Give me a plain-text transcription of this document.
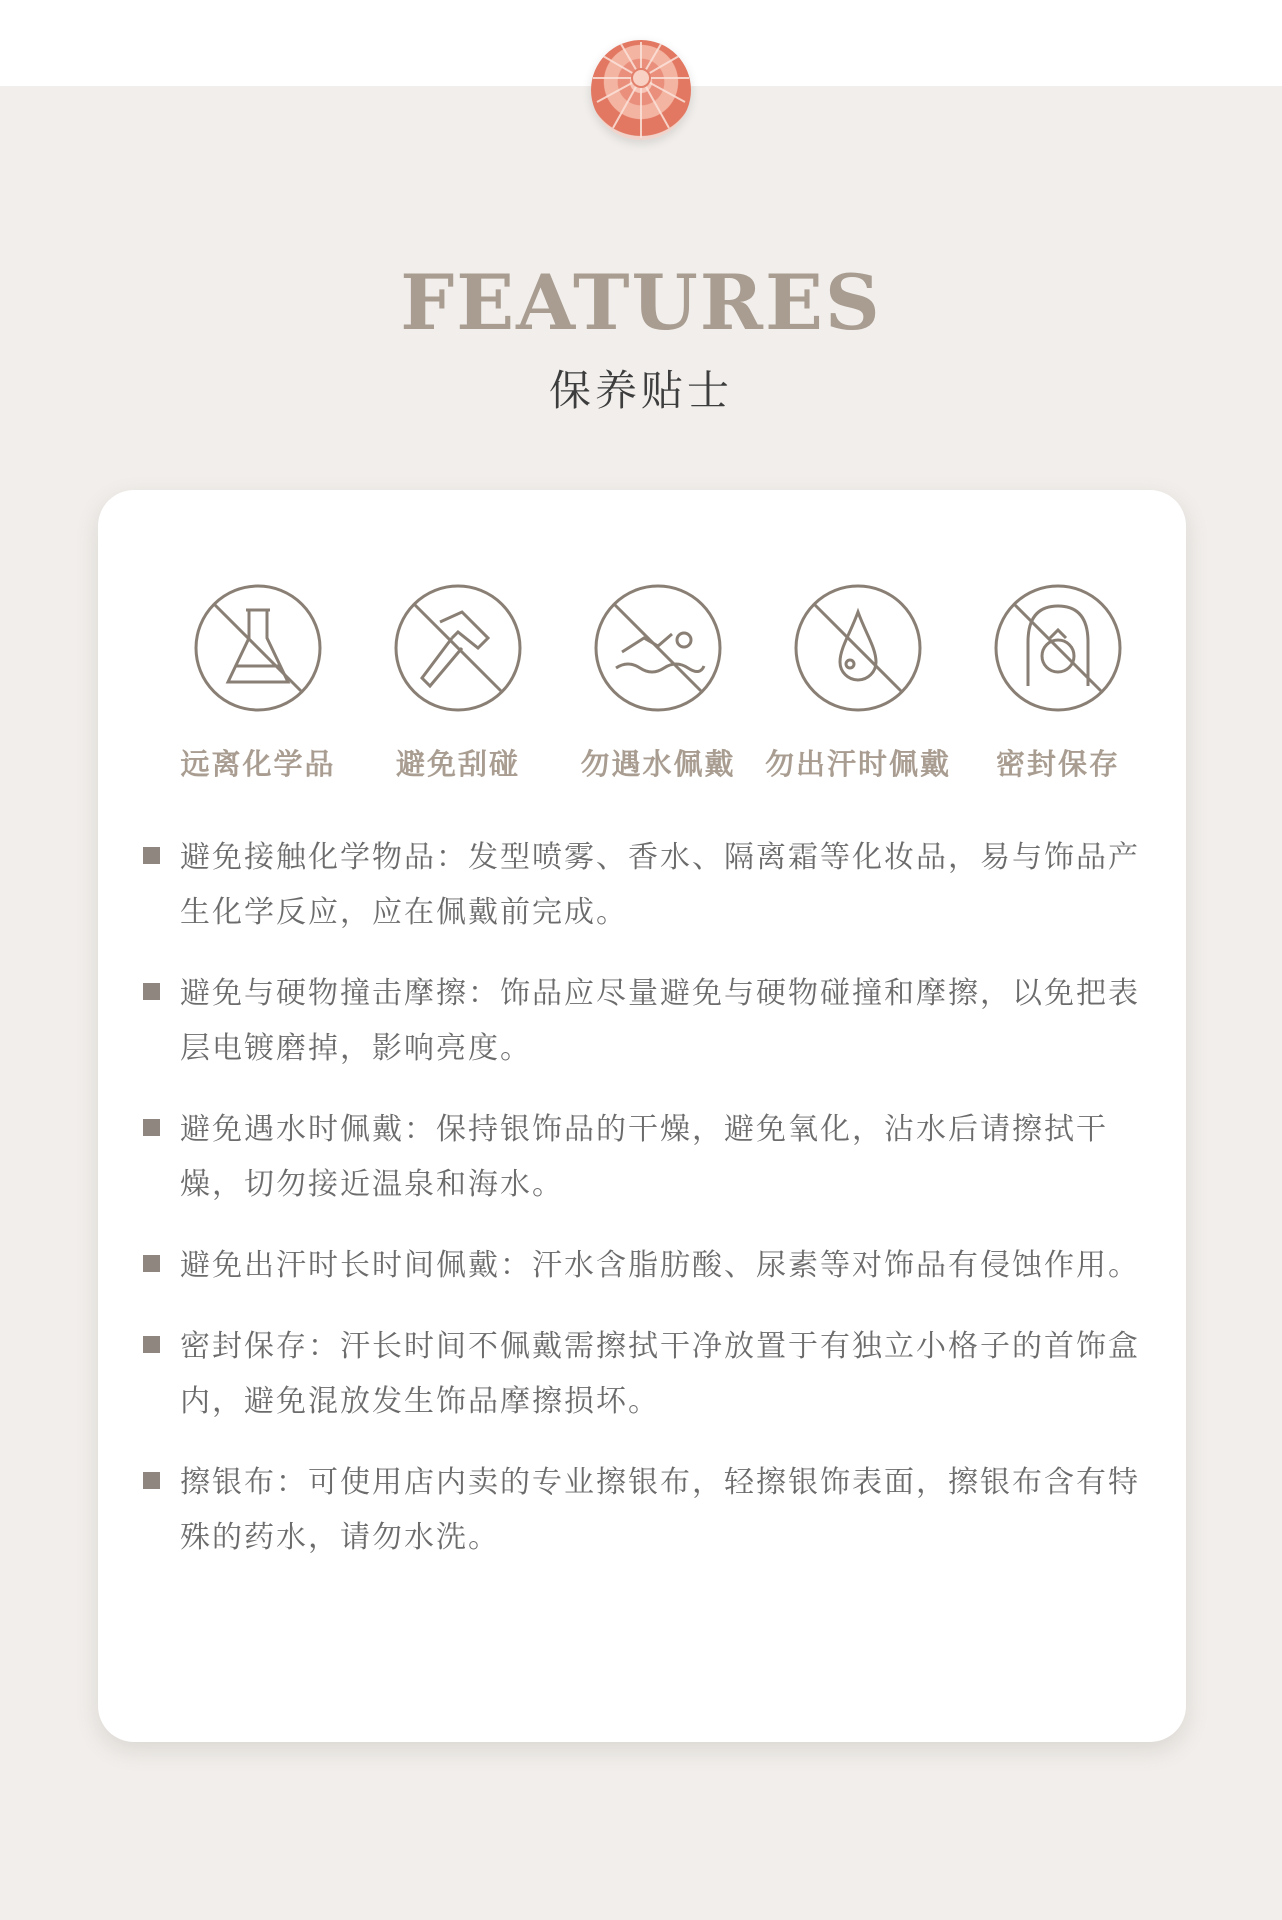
FEATURES
保养贴士
远离化学品	避免刮碰	勿遇水佩戴	勿出汗时佩戴	密封保存
避免接触化学物品：发型喷雾、香水、隔离霜等化妆品，易与饰品产生化学反应，应在佩戴前完成。
避免与硬物撞击摩擦：饰品应尽量避免与硬物碰撞和摩擦，以免把表层电镀磨掉，影响亮度。
避免遇水时佩戴：保持银饰品的干燥，避免氧化，沾水后请擦拭干燥，切勿接近温泉和海水。
避免出汗时长时间佩戴：汗水含脂肪酸、尿素等对饰品有侵蚀作用。
密封保存：汗长时间不佩戴需擦拭干净放置于有独立小格子的首饰盒内，避免混放发生饰品摩擦损坏。
擦银布：可使用店内卖的专业擦银布，轻擦银饰表面，擦银布含有特殊的药水，请勿水洗。
